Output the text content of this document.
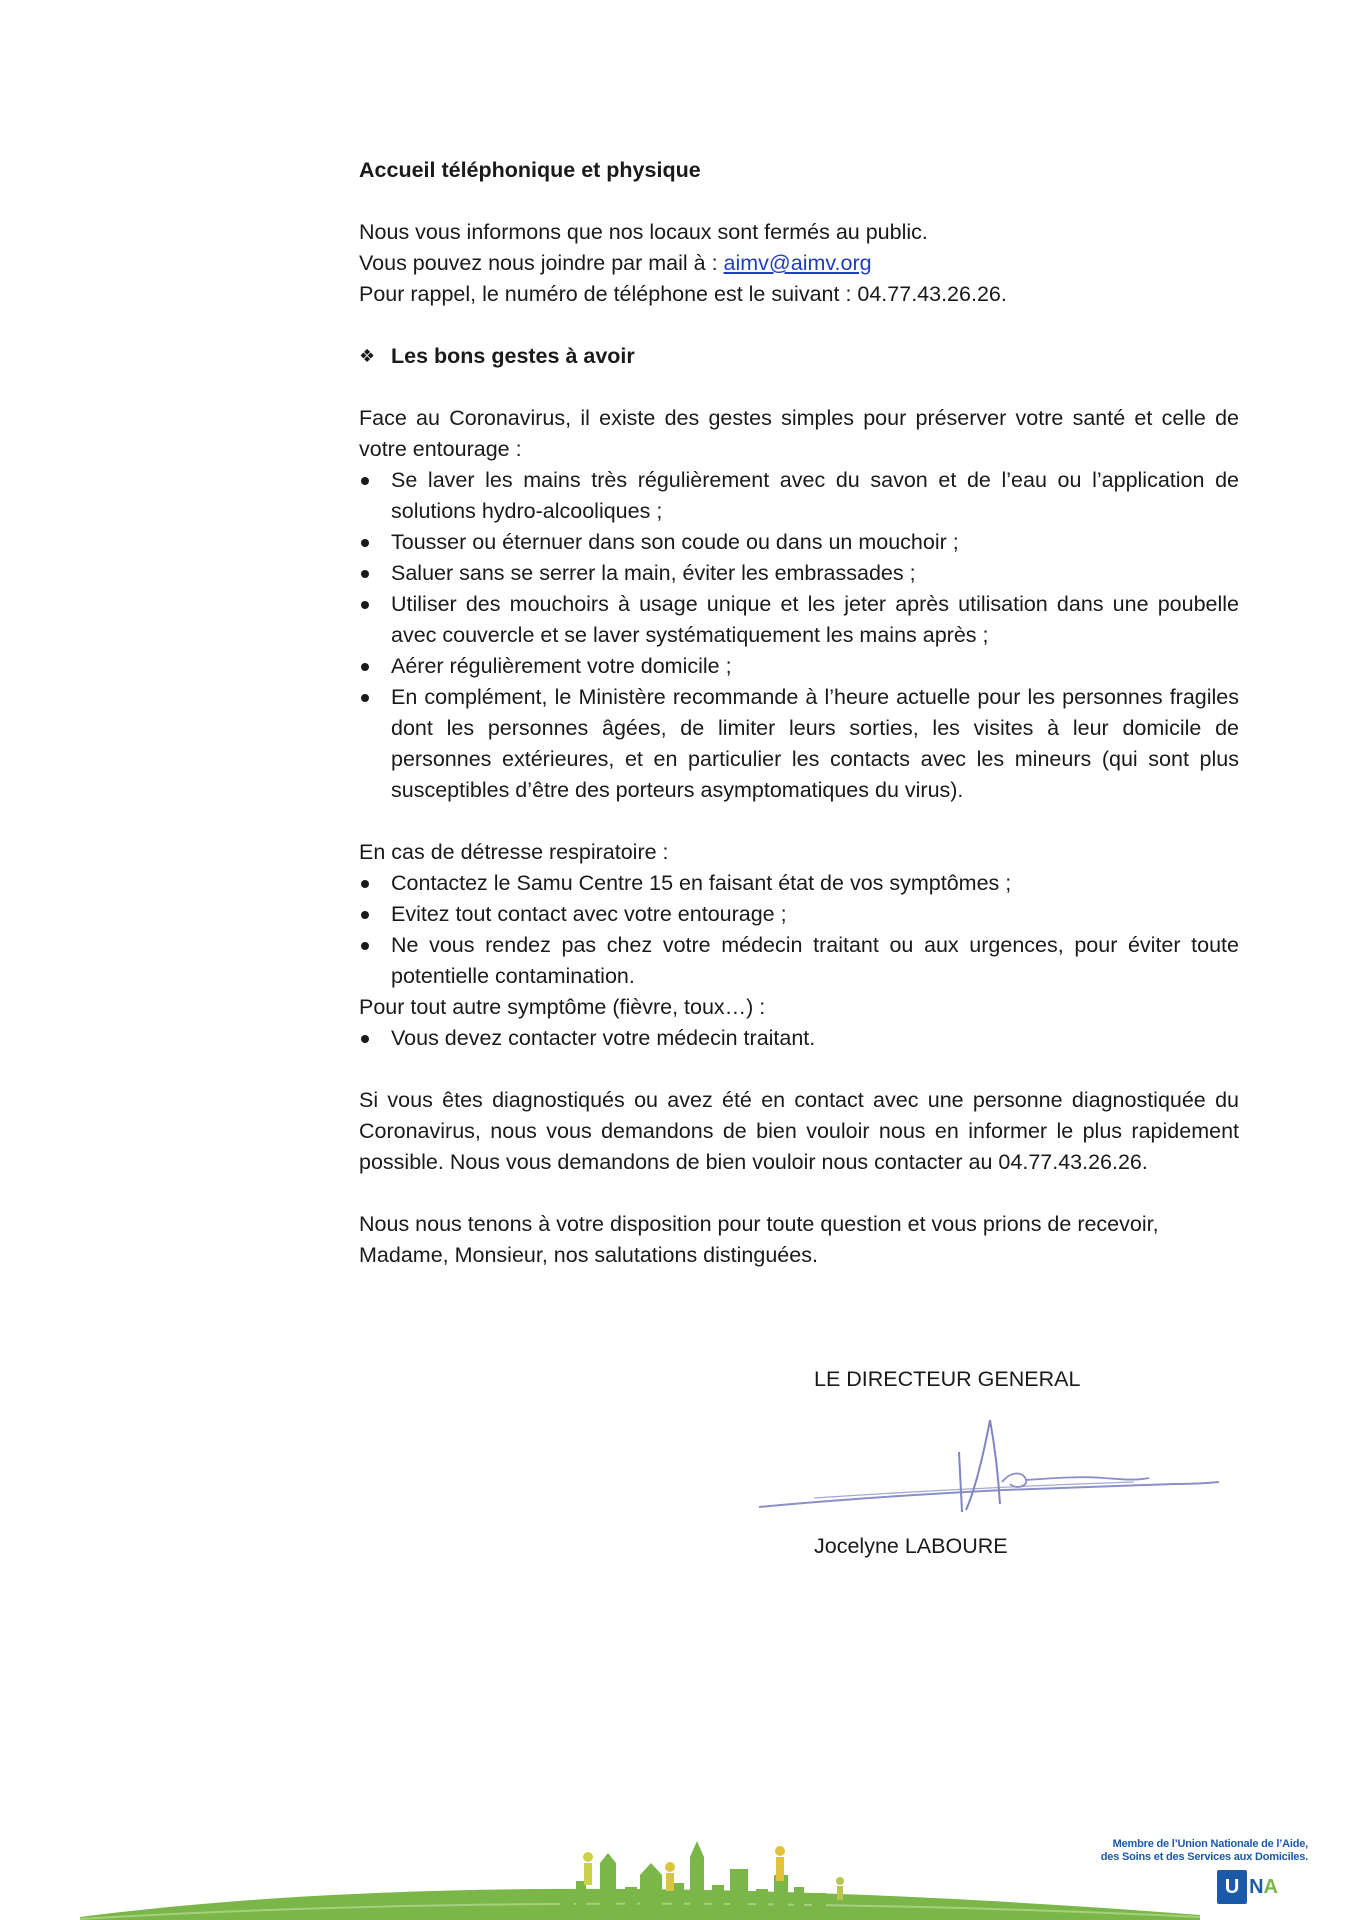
Accueil téléphonique et physique

Nous vous informons que nos locaux sont fermés au public.

Vous pouvez nous joindre par mail à : aimv@aimv.org

Pour rappel, le numéro de téléphone est le suivant : 04.77.43.26.26.

❖ Les bons gestes à avoir

Face au Coronavirus, il existe des gestes simples pour préserver votre santé et celle de votre entourage :

Se laver les mains très régulièrement avec du savon et de l’eau ou l’application de solutions hydro-alcooliques ;
Tousser ou éternuer dans son coude ou dans un mouchoir ;
Saluer sans se serrer la main, éviter les embrassades ;
Utiliser des mouchoirs à usage unique et les jeter après utilisation dans une poubelle avec couvercle et se laver systématiquement les mains après ;
Aérer régulièrement votre domicile ;
En complément, le Ministère recommande à l’heure actuelle pour les personnes fragiles dont les personnes âgées, de limiter leurs sorties, les visites à leur domicile de personnes extérieures, et en particulier les contacts avec les mineurs (qui sont plus susceptibles d’être des porteurs asymptomatiques du virus).

En cas de détresse respiratoire :

Contactez le Samu Centre 15 en faisant état de vos symptômes ;
Evitez tout contact avec votre entourage ;
Ne vous rendez pas chez votre médecin traitant ou aux urgences, pour éviter toute potentielle contamination.

Pour tout autre symptôme (fièvre, toux…) :

Vous devez contacter votre médecin traitant.

Si vous êtes diagnostiqués ou avez été en contact avec une personne diagnostiquée du Coronavirus, nous vous demandons de bien vouloir nous en informer le plus rapidement possible. Nous vous demandons de bien vouloir nous contacter au 04.77.43.26.26.

Nous nous tenons à votre disposition pour toute question et vous prions de recevoir, Madame, Monsieur, nos salutations distinguées.

LE DIRECTEUR GENERAL
Jocelyne LABOURE
Membre de l’Union Nationale de l’Aide, des Soins et des Services aux Domiciles.
U NA
